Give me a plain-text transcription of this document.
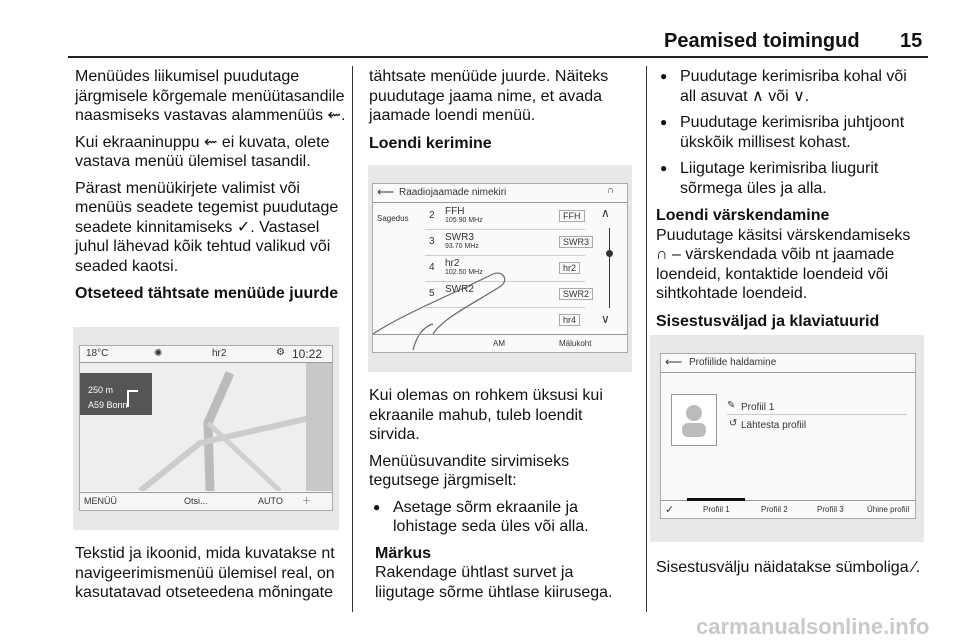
Peamised toimingud 15

Menüüdes liikumisel puudutage järgmisele kõrgemale menüütasandile naasmiseks vastavas alammenüüs ⇜.

Kui ekraaninuppu ⇜ ei kuvata, olete vastava menüü ülemisel tasandil.

Pärast menüükirjete valimist või menüüs seadete tegemist puudutage seadete kinnitamiseks ✓. Vastasel juhul lähevad kõik tehtud valikud või seaded kaotsi.

Otseteed tähtsate menüüde juurde
18°C	✺	hr2	⚙ 10:22
250 m
A59 Bonn
MENÜÜ	Otsi...	AUTO ＋

Tekstid ja ikoonid, mida kuvatakse nt navigeerimismenüü ülemisel real, on kasutatavad otseteedena mõningate

tähtsate menüüde juurde. Näiteks puudutage jaama nime, et avada jaamade loendi menüü.

Loendi kerimine
⟵ Raadiojaamade nimekiri	∩
Sagedus 2 FFH
105.90 MHz	FFH
3 SWR3
93.70 MHz	SWR3
4 hr2
102.50 MHz	hr2
5 SWR2	SWR2
hr4
∧
∨
AM	Mälukoht

Kui olemas on rohkem üksusi kui ekraanile mahub, tuleb loendit sirvida.

Menüüsuvandite sirvimiseks tegutsege järgmiselt:

● Asetage sõrm ekraanile ja lohistage seda üles või alla.

Märkus

Rakendage ühtlast survet ja liigutage sõrme ühtlase kiirusega.

● Puudutage kerimisriba kohal või all asuvat ∧ või ∨.

● Puudutage kerimisriba juhtjoont ükskõik millisest kohast.

● Liigutage kerimisriba liugurit sõrmega üles ja alla.

Loendi värskendamine

Puudutage käsitsi värskendamiseks ∩ – värskendada võib nt jaamade loendeid, kontaktide loendeid või sihtkohtade loendeid.

Sisestusväljad ja klaviatuurid
⟵ Profiilide haldamine
✎ Profiil 1
↺ Lähtesta profiil
✓	Profiil 1	Profiil 2	Profiil 3	Ühine profiil

Sisestusvälju näidatakse sümboliga ∕.

carmanualsonline.info
